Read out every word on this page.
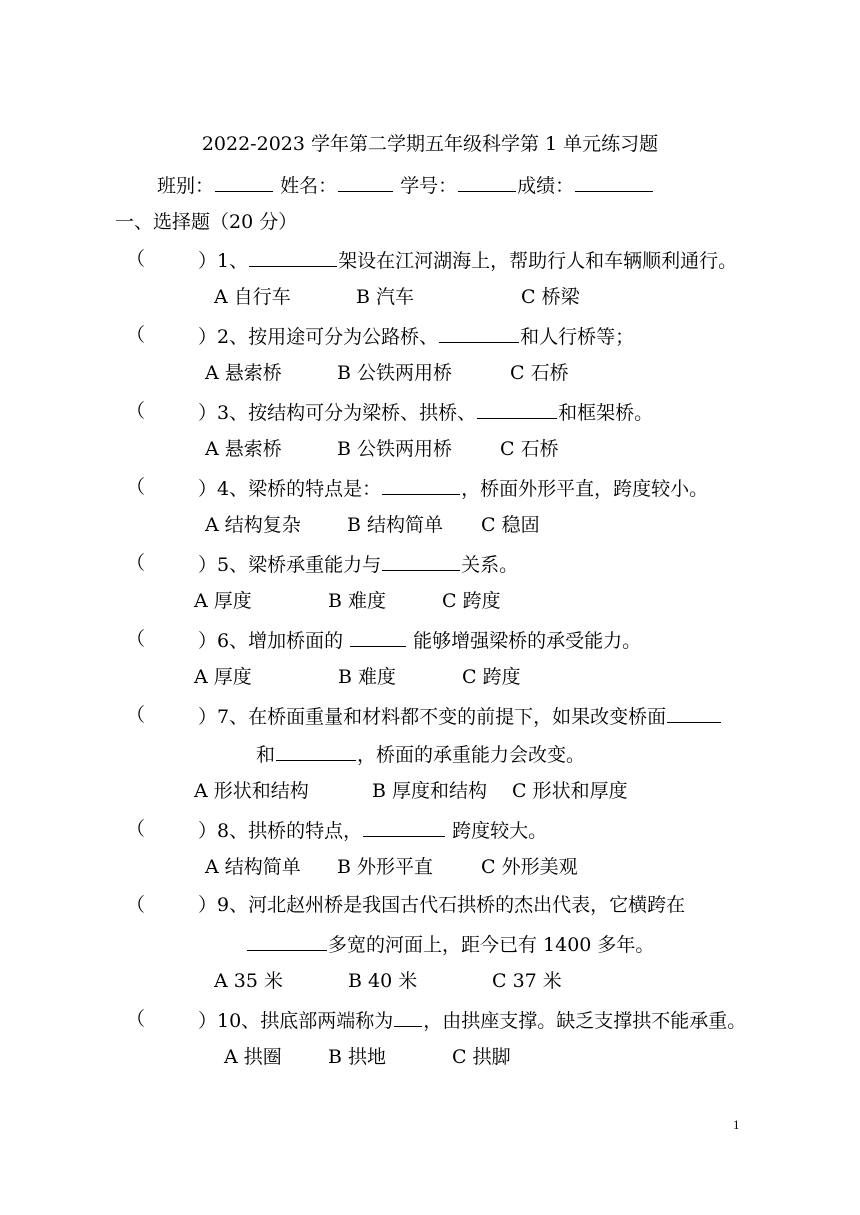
2022-2023 学年第二学期五年级科学第 1 单元练习题
班别：	姓名：	学号：	成绩：
一、选择题（20 分）
（	）1、	架设在江河湖海上，帮助行人和车辆顺利通行。
A 自行车	B 汽车	C 桥梁
（	）2、按用途可分为公路桥、	和人行桥等；
A 悬索桥	B 公铁两用桥	C 石桥
（	）3、按结构可分为梁桥、拱桥、	和框架桥。
A 悬索桥	B 公铁两用桥	C 石桥
（	）4、梁桥的特点是：	，桥面外形平直，跨度较小。
A 结构复杂 B 结构简单 C 稳固
（	）5、梁桥承重能力与	关系。
A 厚度	B 难度	C 跨度
（	）6、增加桥面的	能够增强梁桥的承受能力。
A 厚度	B 难度	C 跨度
（	）7、在桥面重量和材料都不变的前提下，如果改变桥面
和	，桥面的承重能力会改变。
A 形状和结构	B 厚度和结构 C 形状和厚度
（	）8、拱桥的特点，	跨度较大。
A 结构简单 B 外形平直	C 外形美观
（	）9、河北赵州桥是我国古代石拱桥的杰出代表，它横跨在
多宽的河面上，距今已有 1400 多年。
A 35 米	B 40 米	C 37 米
（	）10、拱底部两端称为 ，由拱座支撑。缺乏支撑拱不能承重。
A 拱圈 B 拱地	C 拱脚
1
